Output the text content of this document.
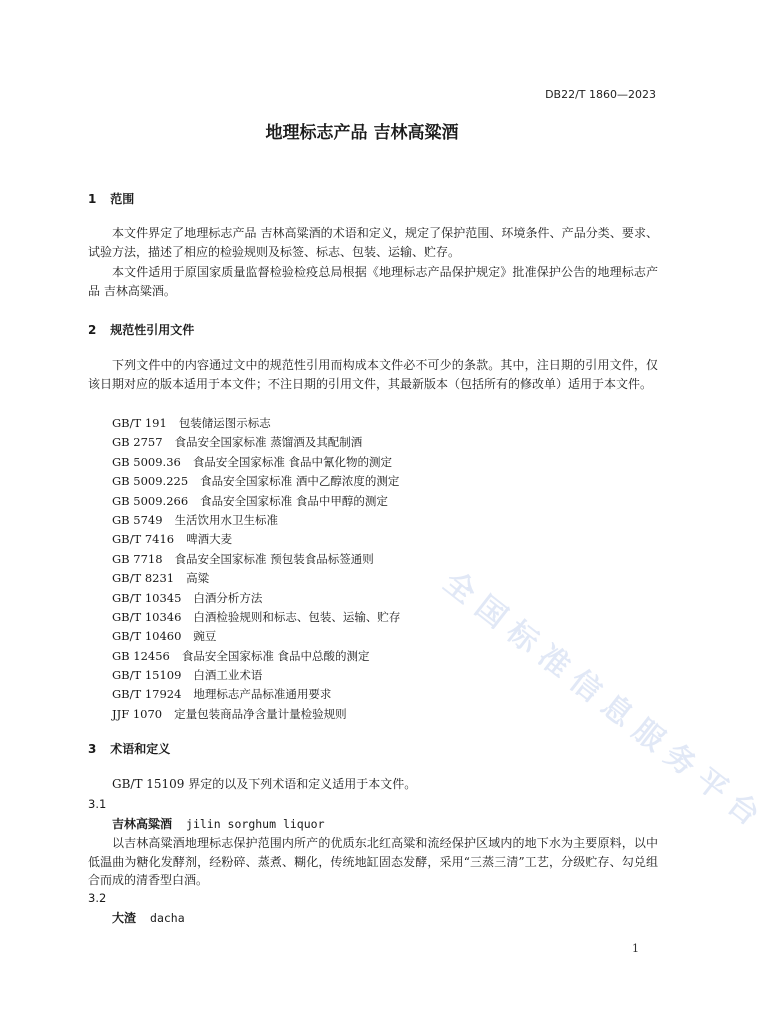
DB22/T 1860—2023
地理标志产品 吉林高粱酒
1 范围
本文件界定了地理标志产品 吉林高粱酒的术语和定义，规定了保护范围、环境条件、产品分类、要求、试验方法，描述了相应的检验规则及标签、标志、包装、运输、贮存。
本文件适用于原国家质量监督检验检疫总局根据《地理标志产品保护规定》批准保护公告的地理标志产品 吉林高粱酒。
2 规范性引用文件
下列文件中的内容通过文中的规范性引用而构成本文件必不可少的条款。其中，注日期的引用文件，仅该日期对应的版本适用于本文件；不注日期的引用文件，其最新版本（包括所有的修改单）适用于本文件。
GB/T 191 包装储运图示标志
GB 2757 食品安全国家标准 蒸馏酒及其配制酒
GB 5009.36 食品安全国家标准 食品中氰化物的测定
GB 5009.225 食品安全国家标准 酒中乙醇浓度的测定
GB 5009.266 食品安全国家标准 食品中甲醇的测定
GB 5749 生活饮用水卫生标准
GB/T 7416 啤酒大麦
GB 7718 食品安全国家标准 预包装食品标签通则
GB/T 8231 高粱
GB/T 10345 白酒分析方法
GB/T 10346 白酒检验规则和标志、包装、运输、贮存
GB/T 10460 豌豆
GB 12456 食品安全国家标准 食品中总酸的测定
GB/T 15109 白酒工业术语
GB/T 17924 地理标志产品标准通用要求
JJF 1070 定量包装商品净含量计量检验规则
3 术语和定义
GB/T 15109 界定的以及下列术语和定义适用于本文件。
3.1
吉林高粱酒 jilin sorghum liquor
以吉林高粱酒地理标志保护范围内所产的优质东北红高粱和流经保护区域内的地下水为主要原料，以中低温曲为糖化发酵剂，经粉碎、蒸煮、糊化，传统地缸固态发酵，采用“三蒸三清”工艺，分级贮存、勾兑组合而成的清香型白酒。
3.2
大渣 dacha
1
全国标准信息服务平台
